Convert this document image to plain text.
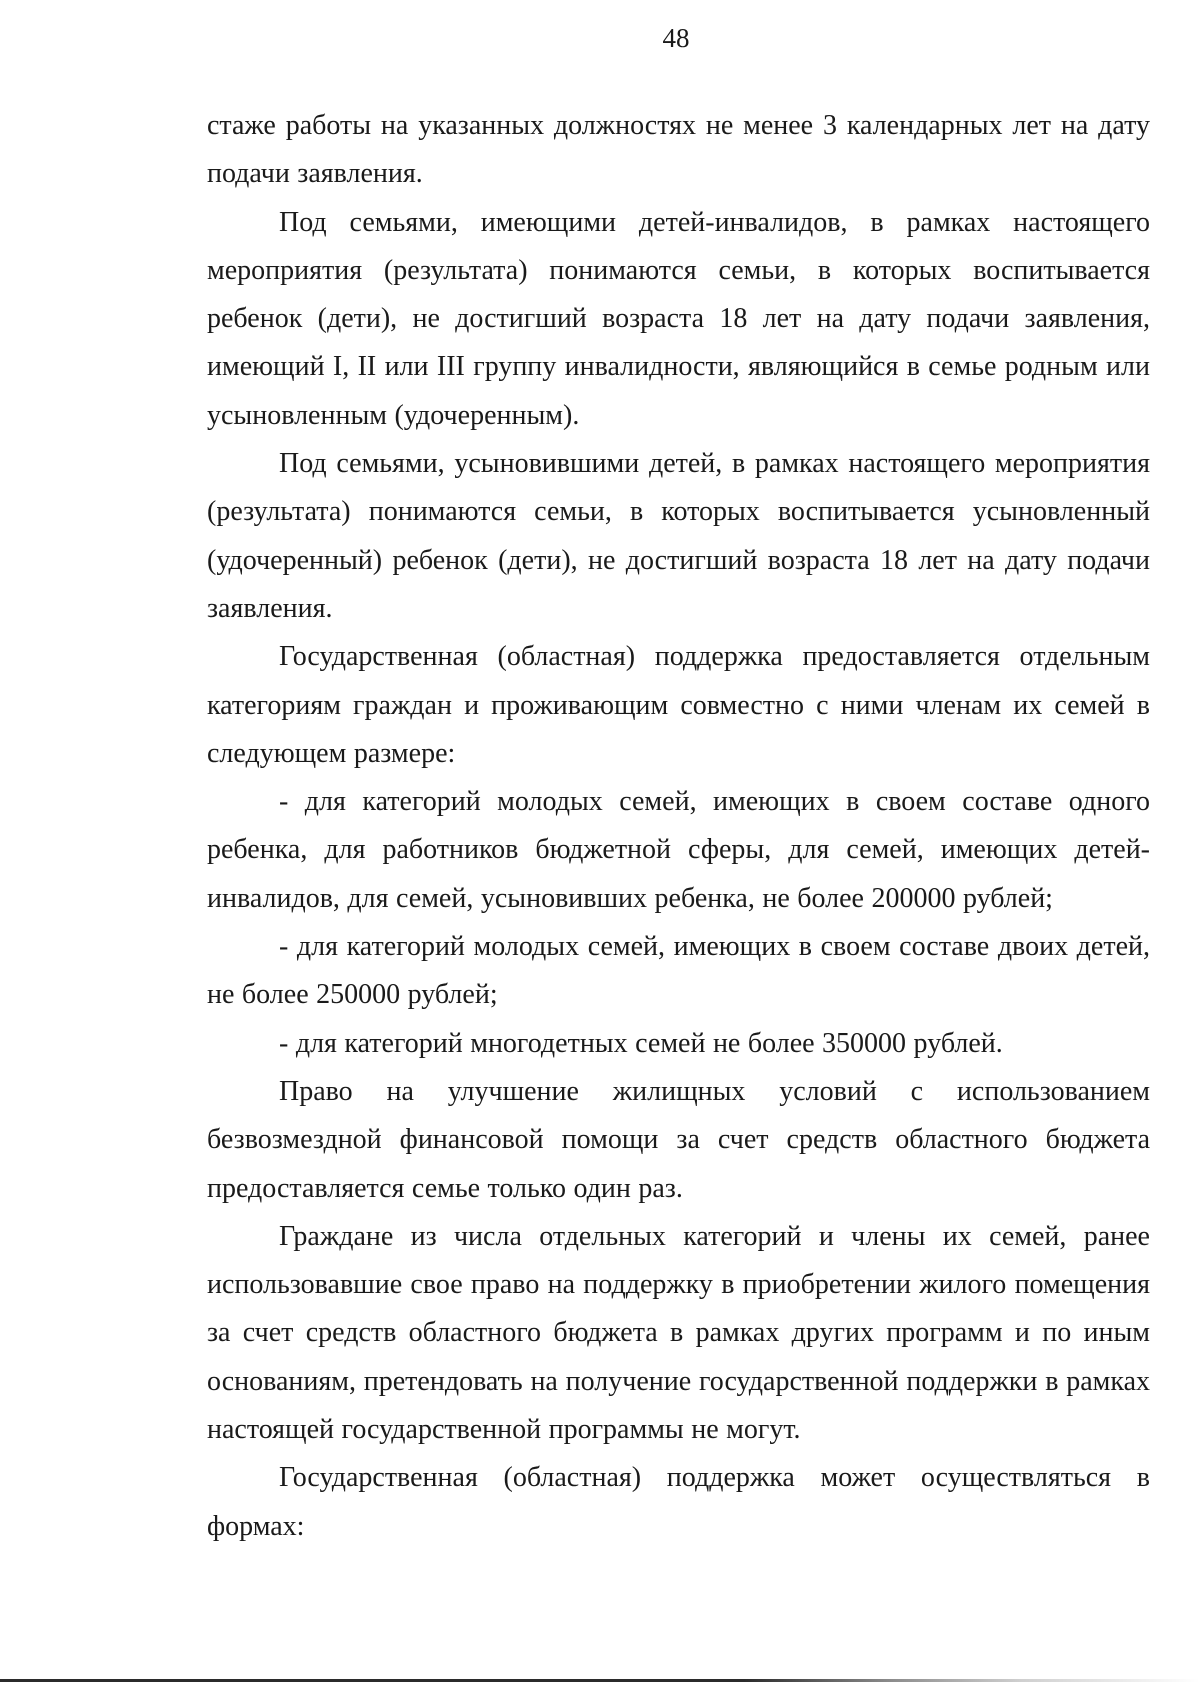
48

стаже работы на указанных должностях не менее 3 календарных лет на дату подачи заявления.

Под семьями, имеющими детей-инвалидов, в рамках настоящего мероприятия (результата) понимаются семьи, в которых воспитывается ребенок (дети), не достигший возраста 18 лет на дату подачи заявления, имеющий I, II или III группу инвалидности, являющийся в семье родным или усыновленным (удочеренным).

Под семьями, усыновившими детей, в рамках настоящего мероприятия (результата) понимаются семьи, в которых воспитывается усыновленный (удочеренный) ребенок (дети), не достигший возраста 18 лет на дату подачи заявления.

Государственная (областная) поддержка предоставляется отдельным категориям граждан и проживающим совместно с ними членам их семей в следующем размере:

- для категорий молодых семей, имеющих в своем составе одного ребенка, для работников бюджетной сферы, для семей, имеющих детей-инвалидов, для семей, усыновивших ребенка, не более 200000 рублей;

- для категорий молодых семей, имеющих в своем составе двоих детей, не более 250000 рублей;

- для категорий многодетных семей не более 350000 рублей.

Право на улучшение жилищных условий с использованием безвозмездной финансовой помощи за счет средств областного бюджета предоставляется семье только один раз.

Граждане из числа отдельных категорий и члены их семей, ранее использовавшие свое право на поддержку в приобретении жилого помещения за счет средств областного бюджета в рамках других программ и по иным основаниям, претендовать на получение государственной поддержки в рамках настоящей государственной программы не могут.

Государственная (областная) поддержка может осуществляться в формах:
